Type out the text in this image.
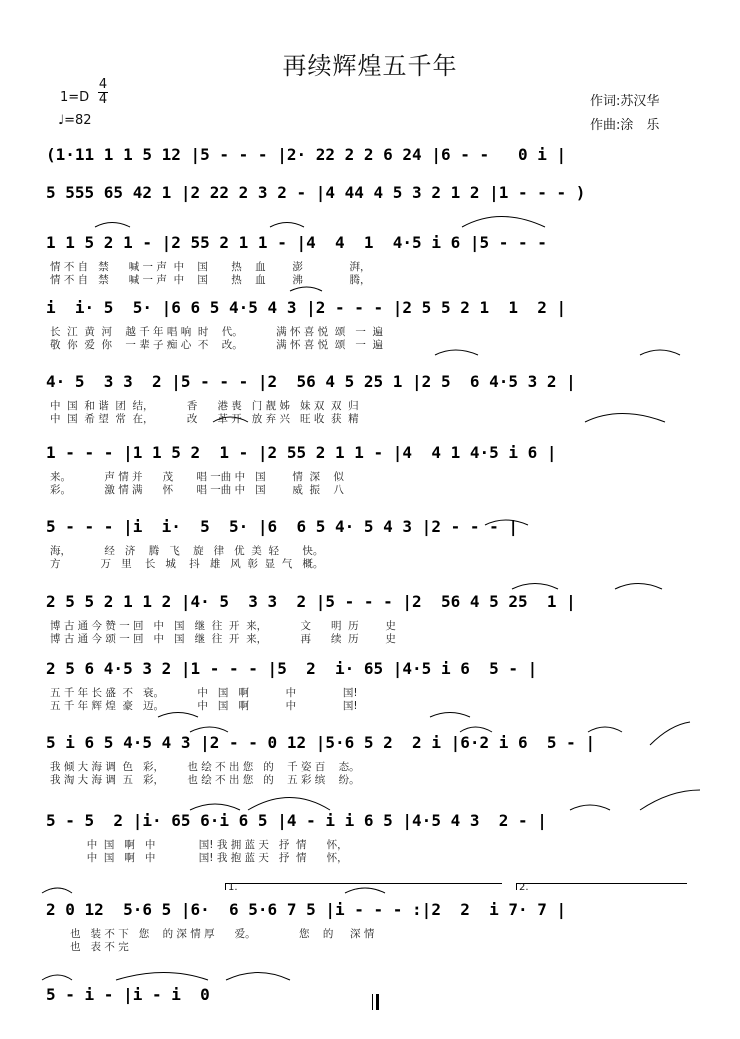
再续辉煌五千年
1=D
4
4
♩=82
作词:苏汉华
作曲:涂　乐
(1·11 1 1 5 12 |5 - - - |2· 22 2 2 6 24 |6 - -   0 i |
5 555 65 42 1 |2 22 2 3 2 - |4 44 4 5 3 2 1 2 |1 - - - )
1 1 5 2 1 - |2 55 2 1 1 - |4  4  1  4·5 i 6 |5 - - -
情 不 自   禁      喊 一 声  中    国       热    血        澎              湃，
情 不 自   禁      喊 一 声  中    国       热    血        沸              腾，
i  i· 5  5· |6 6 5 4·5 4 3 |2 - - - |2 5 5 2 1  1  2 |
长  江  黄  河    越 千 年 唱 响  时    代。          满 怀 喜 悦  颂   一  遍
敬  你  爱  你    一 辈 子 痴 心  不    改。          满 怀 喜 悦  颂   一  遍
4· 5  3 3  2 |5 - - - |2  56 4 5 25 1 |2 5  6 4·5 3 2 |
中  国  和 谐  团  结，          香      港 喪   门 靓 姊   妹 双  双  归
中  国  希 望  常  在，          改      革 开   放 弃 兴   旺 收  获  精
1 - - - |1 1 5 2  1 - |2 55 2 1 1 - |4  4 1 4·5 i 6 |
来。          声 情 并      茂       唱 一曲 中   国        情  深    似
彩。          激 情 满      怀       唱 一曲 中   国        威  振    八
5 - - - |i  i·  5  5· |6  6 5 4· 5 4 3 |2 - - - |
海，          经   济    腾   飞    旋   律   优  美  轻       快。
方            万   里    长   城    抖   雄   风  彰  显  气   概。
2 5 5 2 1 1 2 |4· 5  3 3  2 |5 - - - |2  56 4 5 25  1 |
博 古 通 今 赞 一 回   中   国   继  往  开  来，          文      明  历        史
博 古 通 今 颂 一 回   中   国   继  往  开  来，          再      续  历        史
2 5 6 4·5 3 2 |1 - - - |5  2  i· 65 |4·5 i 6  5 - |
五 千 年 长 盛  不   衰。          中   国   啊           中              国!
五 千 年 辉 煌  豪   迈。          中   国   啊           中              国!
5 i 6 5 4·5 4 3 |2 - - 0 12 |5·6 5 2  2 i |6·2 i 6  5 - |
我 倾 大 海 调  色   彩，       也 绘 不 出 您   的    千 姿 百    态。
我 淘 大 海 调  五   彩，       也 绘 不 出 您   的    五 彩 缤    纷。
5 - 5  2 |i· 65 6·i 6 5 |4 - i i 6 5 |4·5 4 3  2 - |
中  国   啊   中             国! 我 拥 蓝 天   抒  情      怀，
中  国   啊   中             国! 我 抱 蓝 天   抒  情      怀，
2 0 12  5·6 5 |6·  6 5·6 7 5 |i - - - :|2  2  i 7· 7 |
也   装 不 下   您    的 深 情 厚      爱。             您    的     深 情
也   表 不 完
5 - i - |i - i  0
1.	2.
